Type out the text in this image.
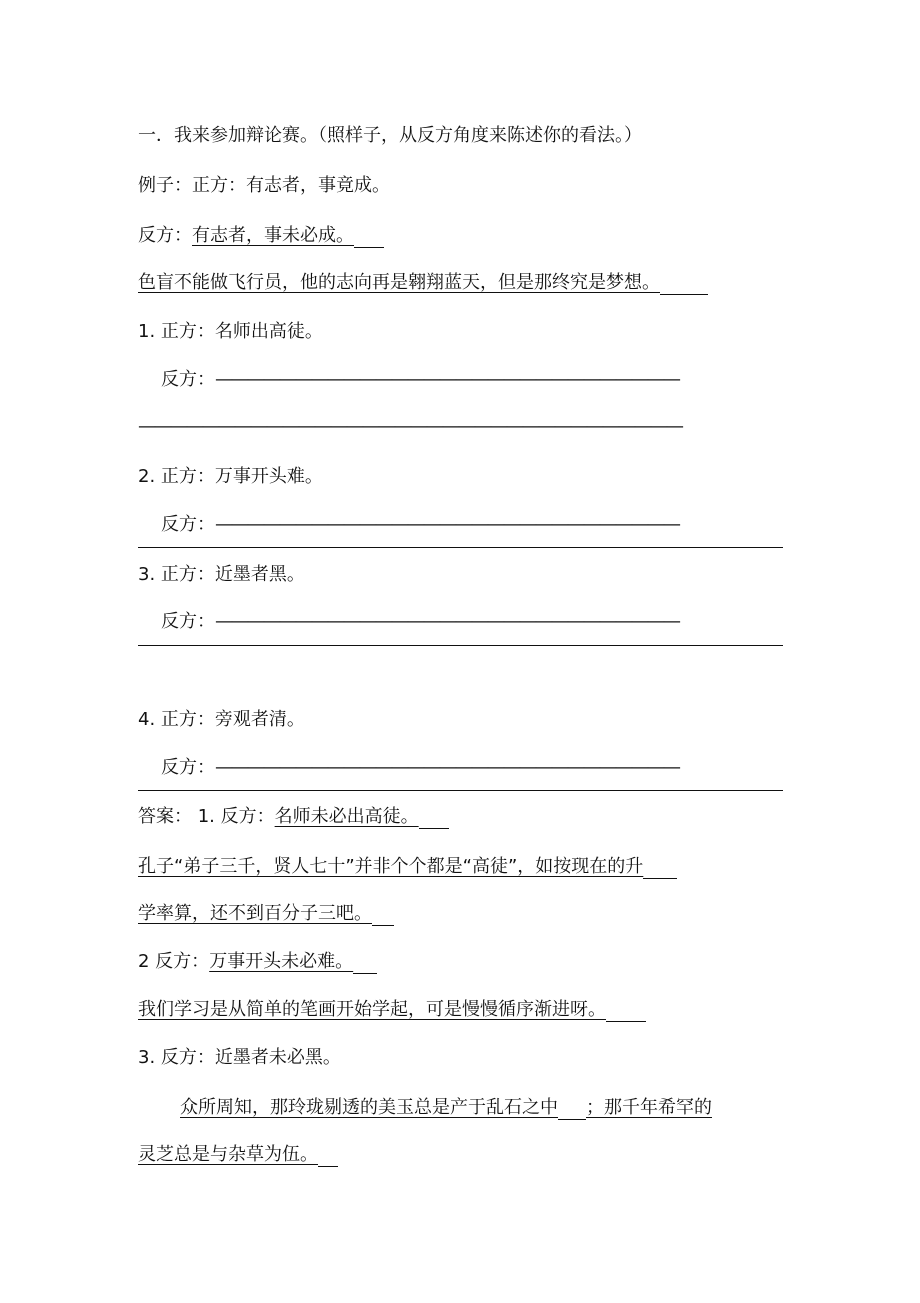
一．我来参加辩论赛。（照样子，从反方角度来陈述你的看法。）
例子：正方：有志者，事竟成。
反方：有志者，事未必成。
色盲不能做飞行员，他的志向再是翱翔蓝天，但是那终究是梦想。
1. 正方：名师出高徒。
反方：—————————————————————————————
——————————————————————————————————
2. 正方：万事开头难。
反方：—————————————————————————————
3. 正方：近墨者黑。
反方：—————————————————————————————
4. 正方：旁观者清。
反方：—————————————————————————————
答案： 1. 反方：名师未必出高徒。
孔子“弟子三千，贤人七十”并非个个都是“高徒”，如按现在的升
学率算，还不到百分子三吧。
2 反方：万事开头未必难。
我们学习是从简单的笔画开始学起，可是慢慢循序渐进呀。
3. 反方：近墨者未必黑。
众所周知，那玲珑剔透的美玉总是产于乱石之中 ；那千年希罕的
灵芝总是与杂草为伍。
